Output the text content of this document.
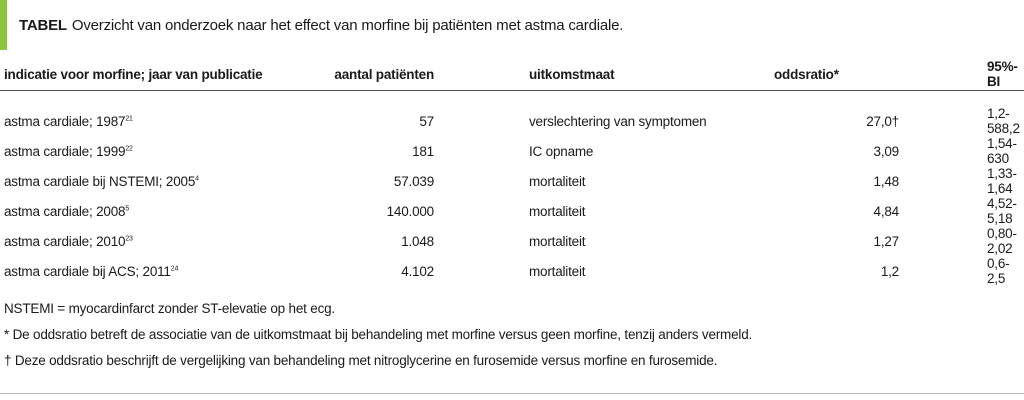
TABEL Overzicht van onderzoek naar het effect van morfine bij patiënten met astma cardiale.
indicatie voor morfine; jaar van publicatie	aantal patiënten	uitkomstmaat	oddsratio*	95%-BI

astma cardiale; 1987$^{21}$	57	verslechtering van symptomen	27,0†	1,2-588,2
astma cardiale; 1999$^{22}$	181	IC opname	3,09	1,54-630
astma cardiale bij NSTEMI; 2005$^4$	57.039	mortaliteit	1,48	1,33-1,64
astma cardiale; 2008$^5$	140.000	mortaliteit	4,84	4,52-5,18
astma cardiale; 2010$^{23}$	1.048	mortaliteit	1,27	0,80-2,02
astma cardiale bij ACS; 2011$^{24}$	4.102	mortaliteit	1,2	0,6-2,5
NSTEMI = myocardinfarct zonder ST-elevatie op het ecg.
* De oddsratio betreft de associatie van de uitkomstmaat bij behandeling met morfine versus geen morfine, tenzij anders vermeld.
† Deze oddsratio beschrijft de vergelijking van behandeling met nitroglycerine en furosemide versus morfine en furosemide.
